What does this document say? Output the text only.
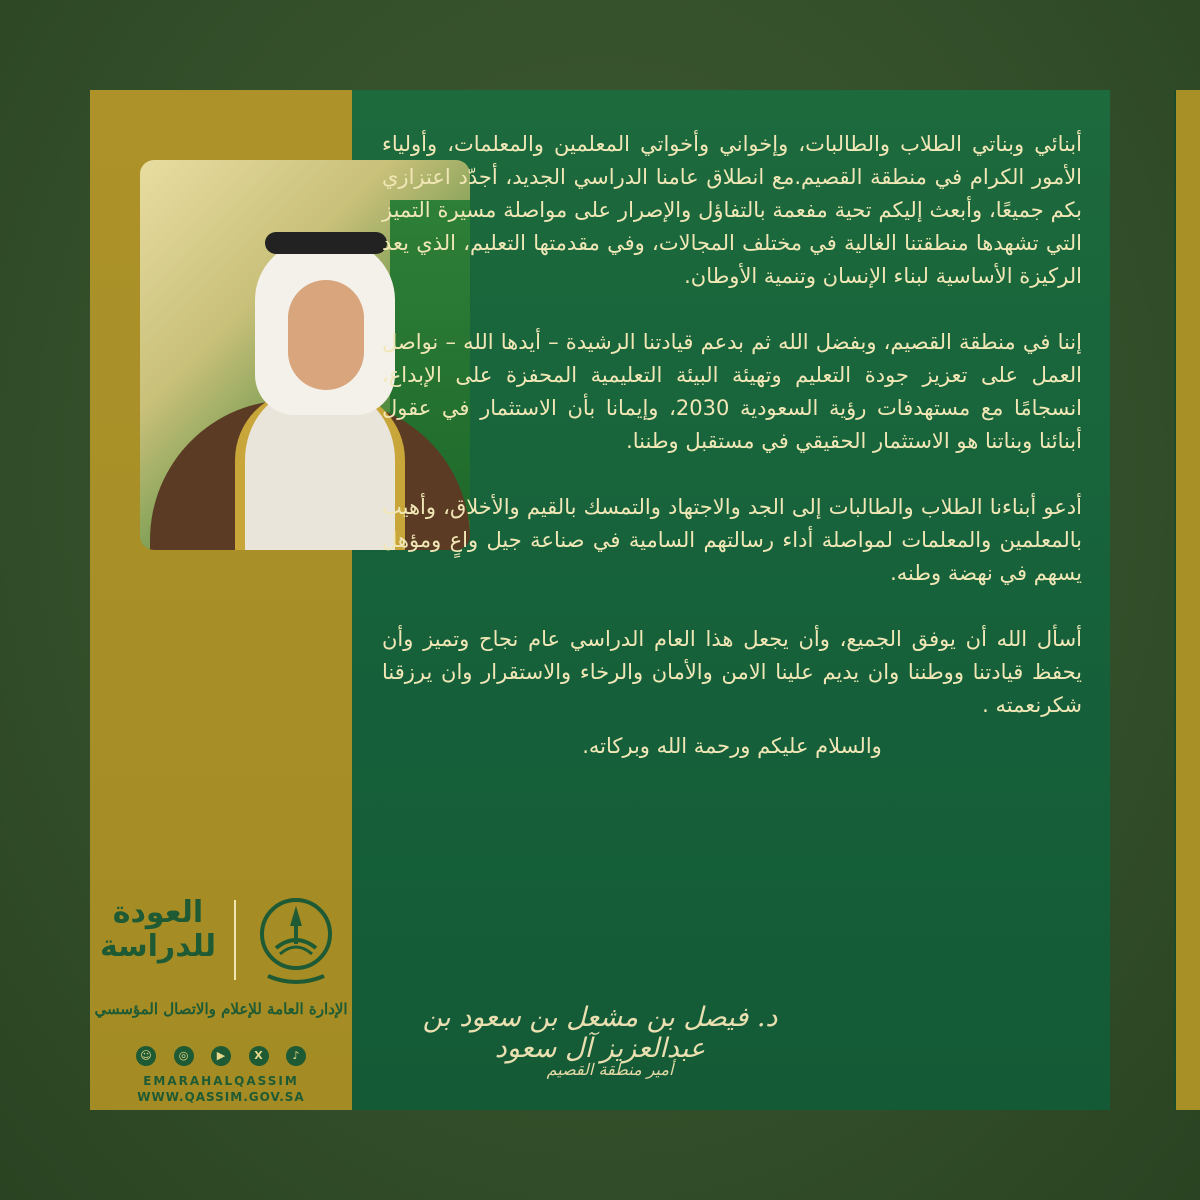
أبنائي وبناتي الطلاب والطالبات، وإخواني وأخواتي المعلمين والمعلمات، وأولياء الأمور الكرام في منطقة القصيم.مع انطلاق عامنا الدراسي الجديد، أجدّد اعتزازي بكم جميعًا، وأبعث إليكم تحية مفعمة بالتفاؤل والإصرار على مواصلة مسيرة التميز التي تشهدها منطقتنا الغالية في مختلف المجالات، وفي مقدمتها التعليم، الذي يعد الركيزة الأساسية لبناء الإنسان وتنمية الأوطان.

إننا في منطقة القصيم، وبفضل الله ثم بدعم قيادتنا الرشيدة – أيدها الله – نواصل العمل على تعزيز جودة التعليم وتهيئة البيئة التعليمية المحفزة على الإبداع، انسجامًا مع مستهدفات رؤية السعودية 2030، وإيمانا بأن الاستثمار في عقول أبنائنا وبناتنا هو الاستثمار الحقيقي في مستقبل وطننا.

أدعو أبناءنا الطلاب والطالبات إلى الجد والاجتهاد والتمسك بالقيم والأخلاق، وأهيب بالمعلمين والمعلمات لمواصلة أداء رسالتهم السامية في صناعة جيل واعٍ ومؤهل يسهم في نهضة وطنه.

أسأل الله أن يوفق الجميع، وأن يجعل هذا العام الدراسي عام نجاح وتميز وأن يحفظ قيادتنا ووطننا وان يديم علينا الامن والأمان والرخاء والاستقرار وان يرزقنا شكرنعمته .

والسلام عليكم ورحمة الله وبركاته.

د. فيصل بن مشعل بن سعود بن عبدالعزيز آل سعود
أمير منطقة القصيم
العودة
للدراسة
الإدارة العامة للإعلام والاتصال المؤسسي
☺	◎	▶	X	♪
EMARAHALQASSIM
WWW.QASSIM.GOV.SA
